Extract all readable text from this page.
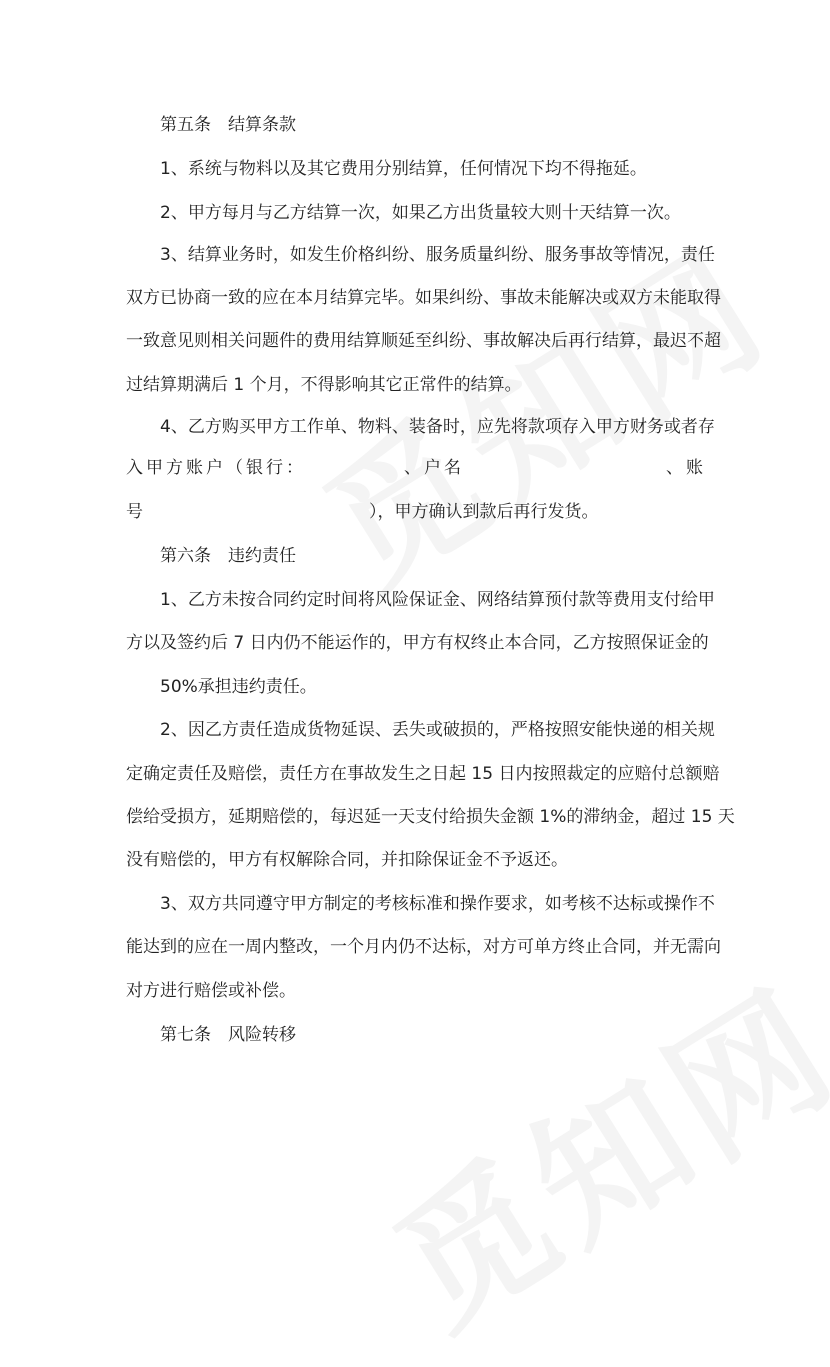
第五条　结算条款
1、系统与物料以及其它费用分别结算，任何情况下均不得拖延。
2、甲方每月与乙方结算一次，如果乙方出货量较大则十天结算一次。
3、结算业务时，如发生价格纠纷、服务质量纠纷、服务事故等情况，责任
双方已协商一致的应在本月结算完毕。如果纠纷、事故未能解决或双方未能取得
一致意见则相关问题件的费用结算顺延至纠纷、事故解决后再行结算，最迟不超
过结算期满后 1 个月，不得影响其它正常件的结算。
4、乙方购买甲方工作单、物料、装备时，应先将款项存入甲方财务或者存
入甲方账户（银行：	、户名	、账
号	），甲方确认到款后再行发货。
第六条　违约责任
1、乙方未按合同约定时间将风险保证金、网络结算预付款等费用支付给甲
方以及签约后 7 日内仍不能运作的，甲方有权终止本合同，乙方按照保证金的
50%承担违约责任。
2、因乙方责任造成货物延误、丢失或破损的，严格按照安能快递的相关规
定确定责任及赔偿，责任方在事故发生之日起 15 日内按照裁定的应赔付总额赔
偿给受损方，延期赔偿的，每迟延一天支付给损失金额 1%的滞纳金，超过 15 天
没有赔偿的，甲方有权解除合同，并扣除保证金不予返还。
3、双方共同遵守甲方制定的考核标准和操作要求，如考核不达标或操作不
能达到的应在一周内整改，一个月内仍不达标，对方可单方终止合同，并无需向
对方进行赔偿或补偿。
第七条　风险转移
